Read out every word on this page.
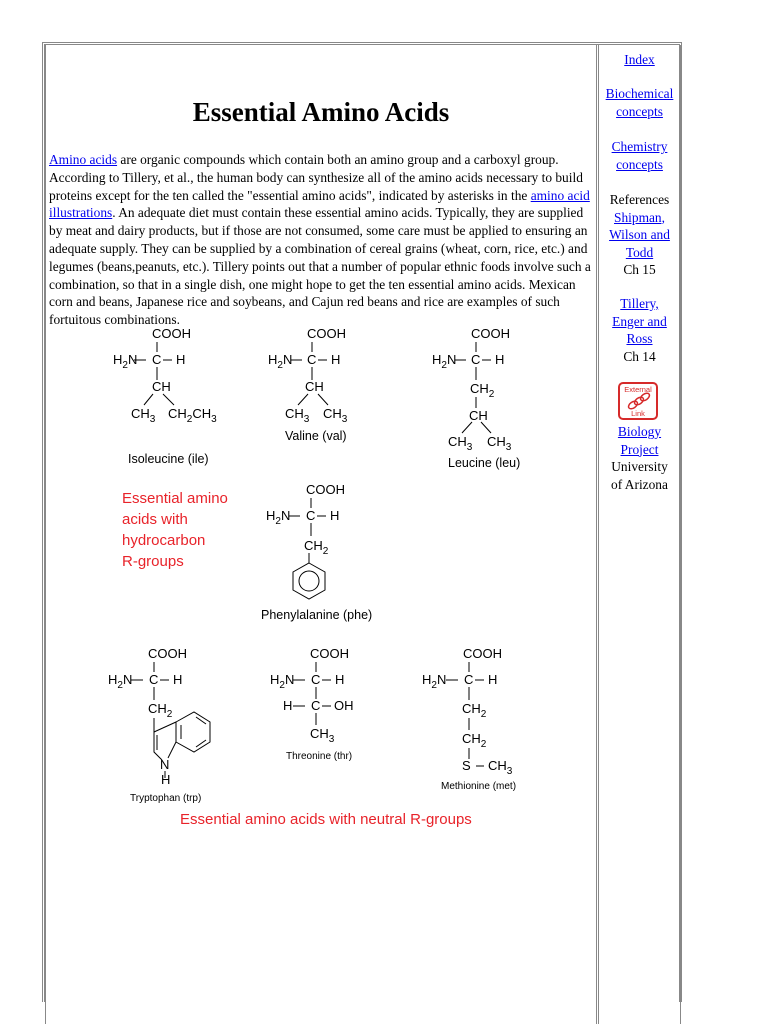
Essential Amino Acids

Amino acids are organic compounds which contain both an amino group and a carboxyl group. According to Tillery, et al., the human body can synthesize all of the amino acids necessary to build proteins except for the ten called the "essential amino acids", indicated by asterisks in the amino acid illustrations. An adequate diet must contain these essential amino acids. Typically, they are supplied by meat and dairy products, but if those are not consumed, some care must be applied to ensuring an adequate supply. They can be supplied by a combination of cereal grains (wheat, corn, rice, etc.) and legumes (beans,peanuts, etc.). Tillery points out that a number of popular ethnic foods involve such a combination, so that in a single dish, one might hope to get the ten essential amino acids. Mexican corn and beans, Japanese rice and soybeans, and Cajun red beans and rice are examples of such fortuitous combinations.

COOH
$H_2N$ C H
CH
$CH_3$ $CH_2CH_3$
Isoleucine (ile)
COOH
$H_2N$ C H
CH
$CH_3$ $CH_3$
Valine (val)
COOH
$H_2N$ C H
$CH_2$
CH
$CH_3$ $CH_3$
Leucine (leu)
Essential amino
acids with
hydrocarbon
R-groups
COOH
$H_2N$ C H
$CH_2$
Phenylalanine (phe)
COOH
$H_2N$ C H
$CH_2$
N
H
Tryptophan (trp)
COOH
$H_2N$ C H
H C OH
$CH_3$
Threonine (thr)
COOH
$H_2N$ C H
$CH_2$
$CH_2$
S $CH_3$
Methionine (met)
Essential amino acids with neutral R-groups
Index
Biochemical
concepts
Chemistry
concepts
References
Shipman,
Wilson and
Todd
Ch 15
Tillery,
Enger and
Ross
Ch 14
Biology
Project
University
of Arizona
External
Link
